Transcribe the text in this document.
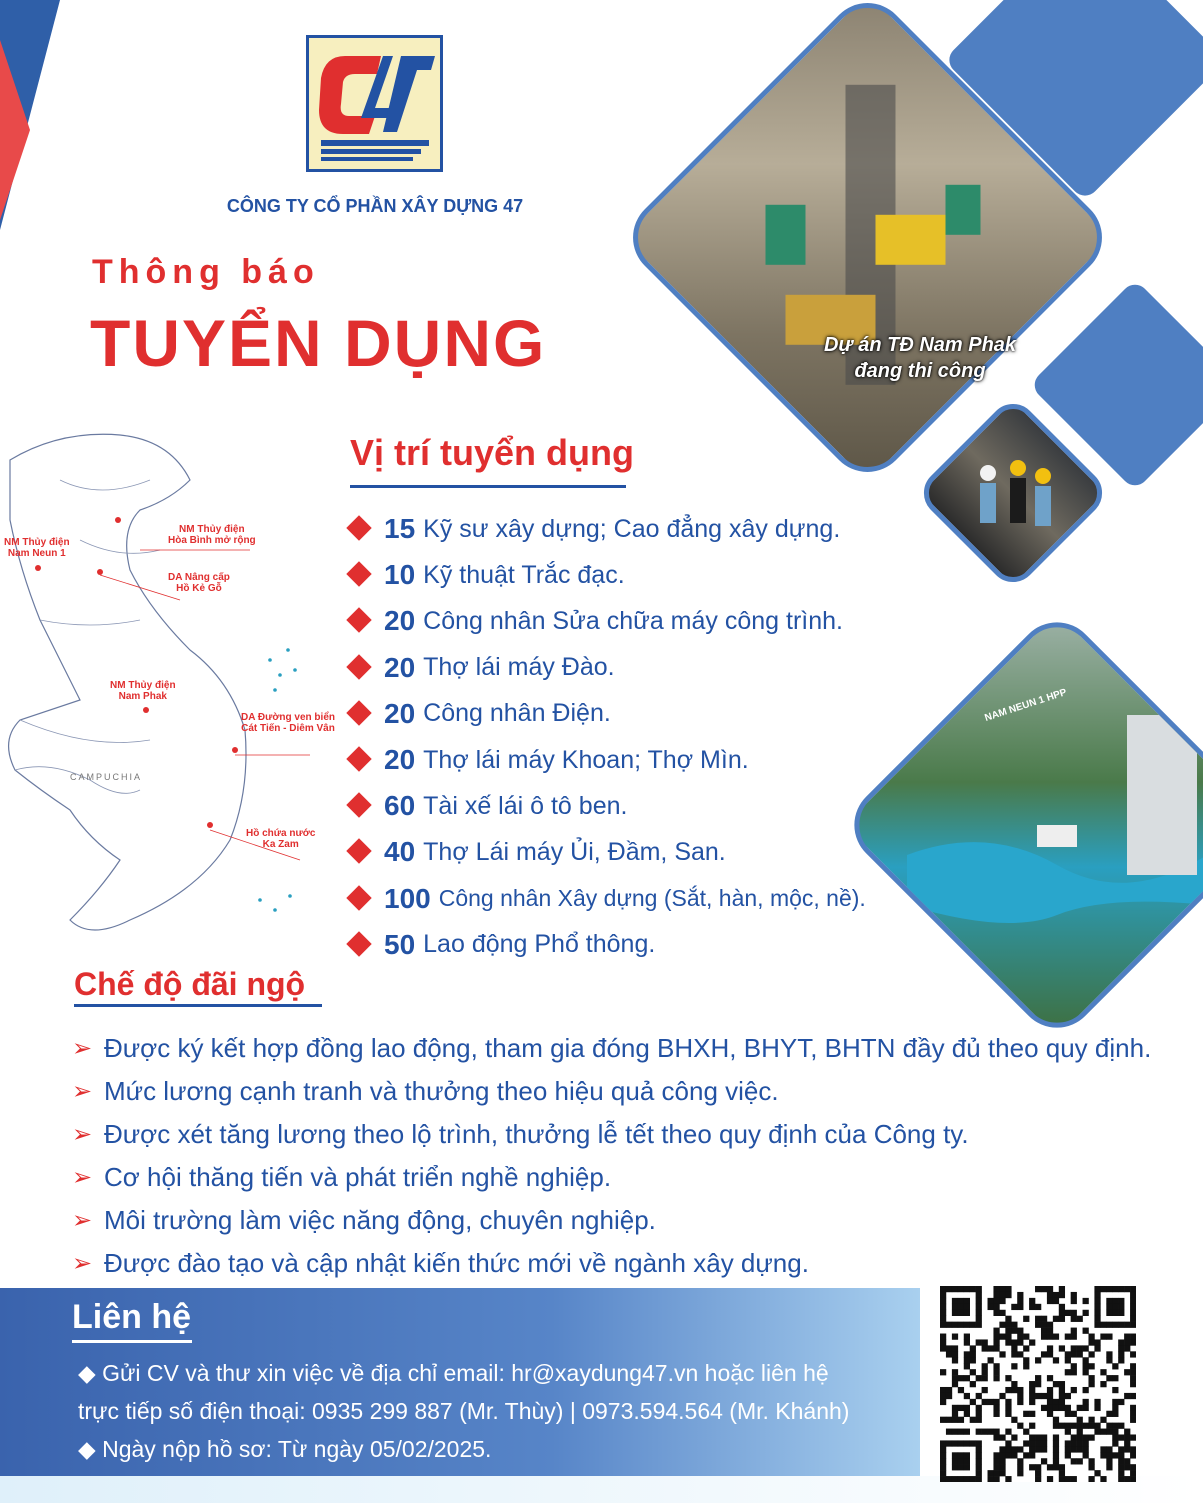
CÔNG TY CỔ PHẦN XÂY DỰNG 47
Thông báo
TUYỂN DỤNG	Dự án TĐ Nam Phak
đang thi công
NAM NEUN 1 HPP
NM Thủy điện
Nam Neun 1
NM Thủy điện
Hòa Bình mở rộng
DA Nâng cấp
Hồ Kẻ Gỗ
NM Thủy điện
Nam Phak
DA Đường ven biển
Cát Tiến - Diêm Vân
Hồ chứa nước
Ka Zam
CAMPUCHIA
Vị trí tuyển dụng
15 Kỹ sư xây dựng; Cao đẳng xây dựng.
10 Kỹ thuật Trắc đạc.
20 Công nhân Sửa chữa máy công trình.
20 Thợ lái máy Đào.
20 Công nhân Điện.
20 Thợ lái máy Khoan; Thợ Mìn.
60 Tài xế lái ô tô ben.
40 Thợ Lái máy Ủi, Đầm, San.
100 Công nhân Xây dựng (Sắt, hàn, mộc, nề).
50 Lao động Phổ thông.
Chế độ đãi ngộ
➢ Được ký kết hợp đồng lao động, tham gia đóng BHXH, BHYT, BHTN đầy đủ theo quy định.
➢ Mức lương cạnh tranh và thưởng theo hiệu quả công việc.
➢ Được xét tăng lương theo lộ trình, thưởng lễ tết theo quy định của Công ty.
➢ Cơ hội thăng tiến và phát triển nghề nghiệp.
➢ Môi trường làm việc năng động, chuyên nghiệp.
➢ Được đào tạo và cập nhật kiến thức mới về ngành xây dựng.
Liên hệ
◆ Gửi CV và thư xin việc về địa chỉ email: hr@xaydung47.vn hoặc liên hệ
trực tiếp số điện thoại: 0935 299 887 (Mr. Thùy) | 0973.594.564 (Mr. Khánh)
◆ Ngày nộp hồ sơ: Từ ngày 05/02/2025.
